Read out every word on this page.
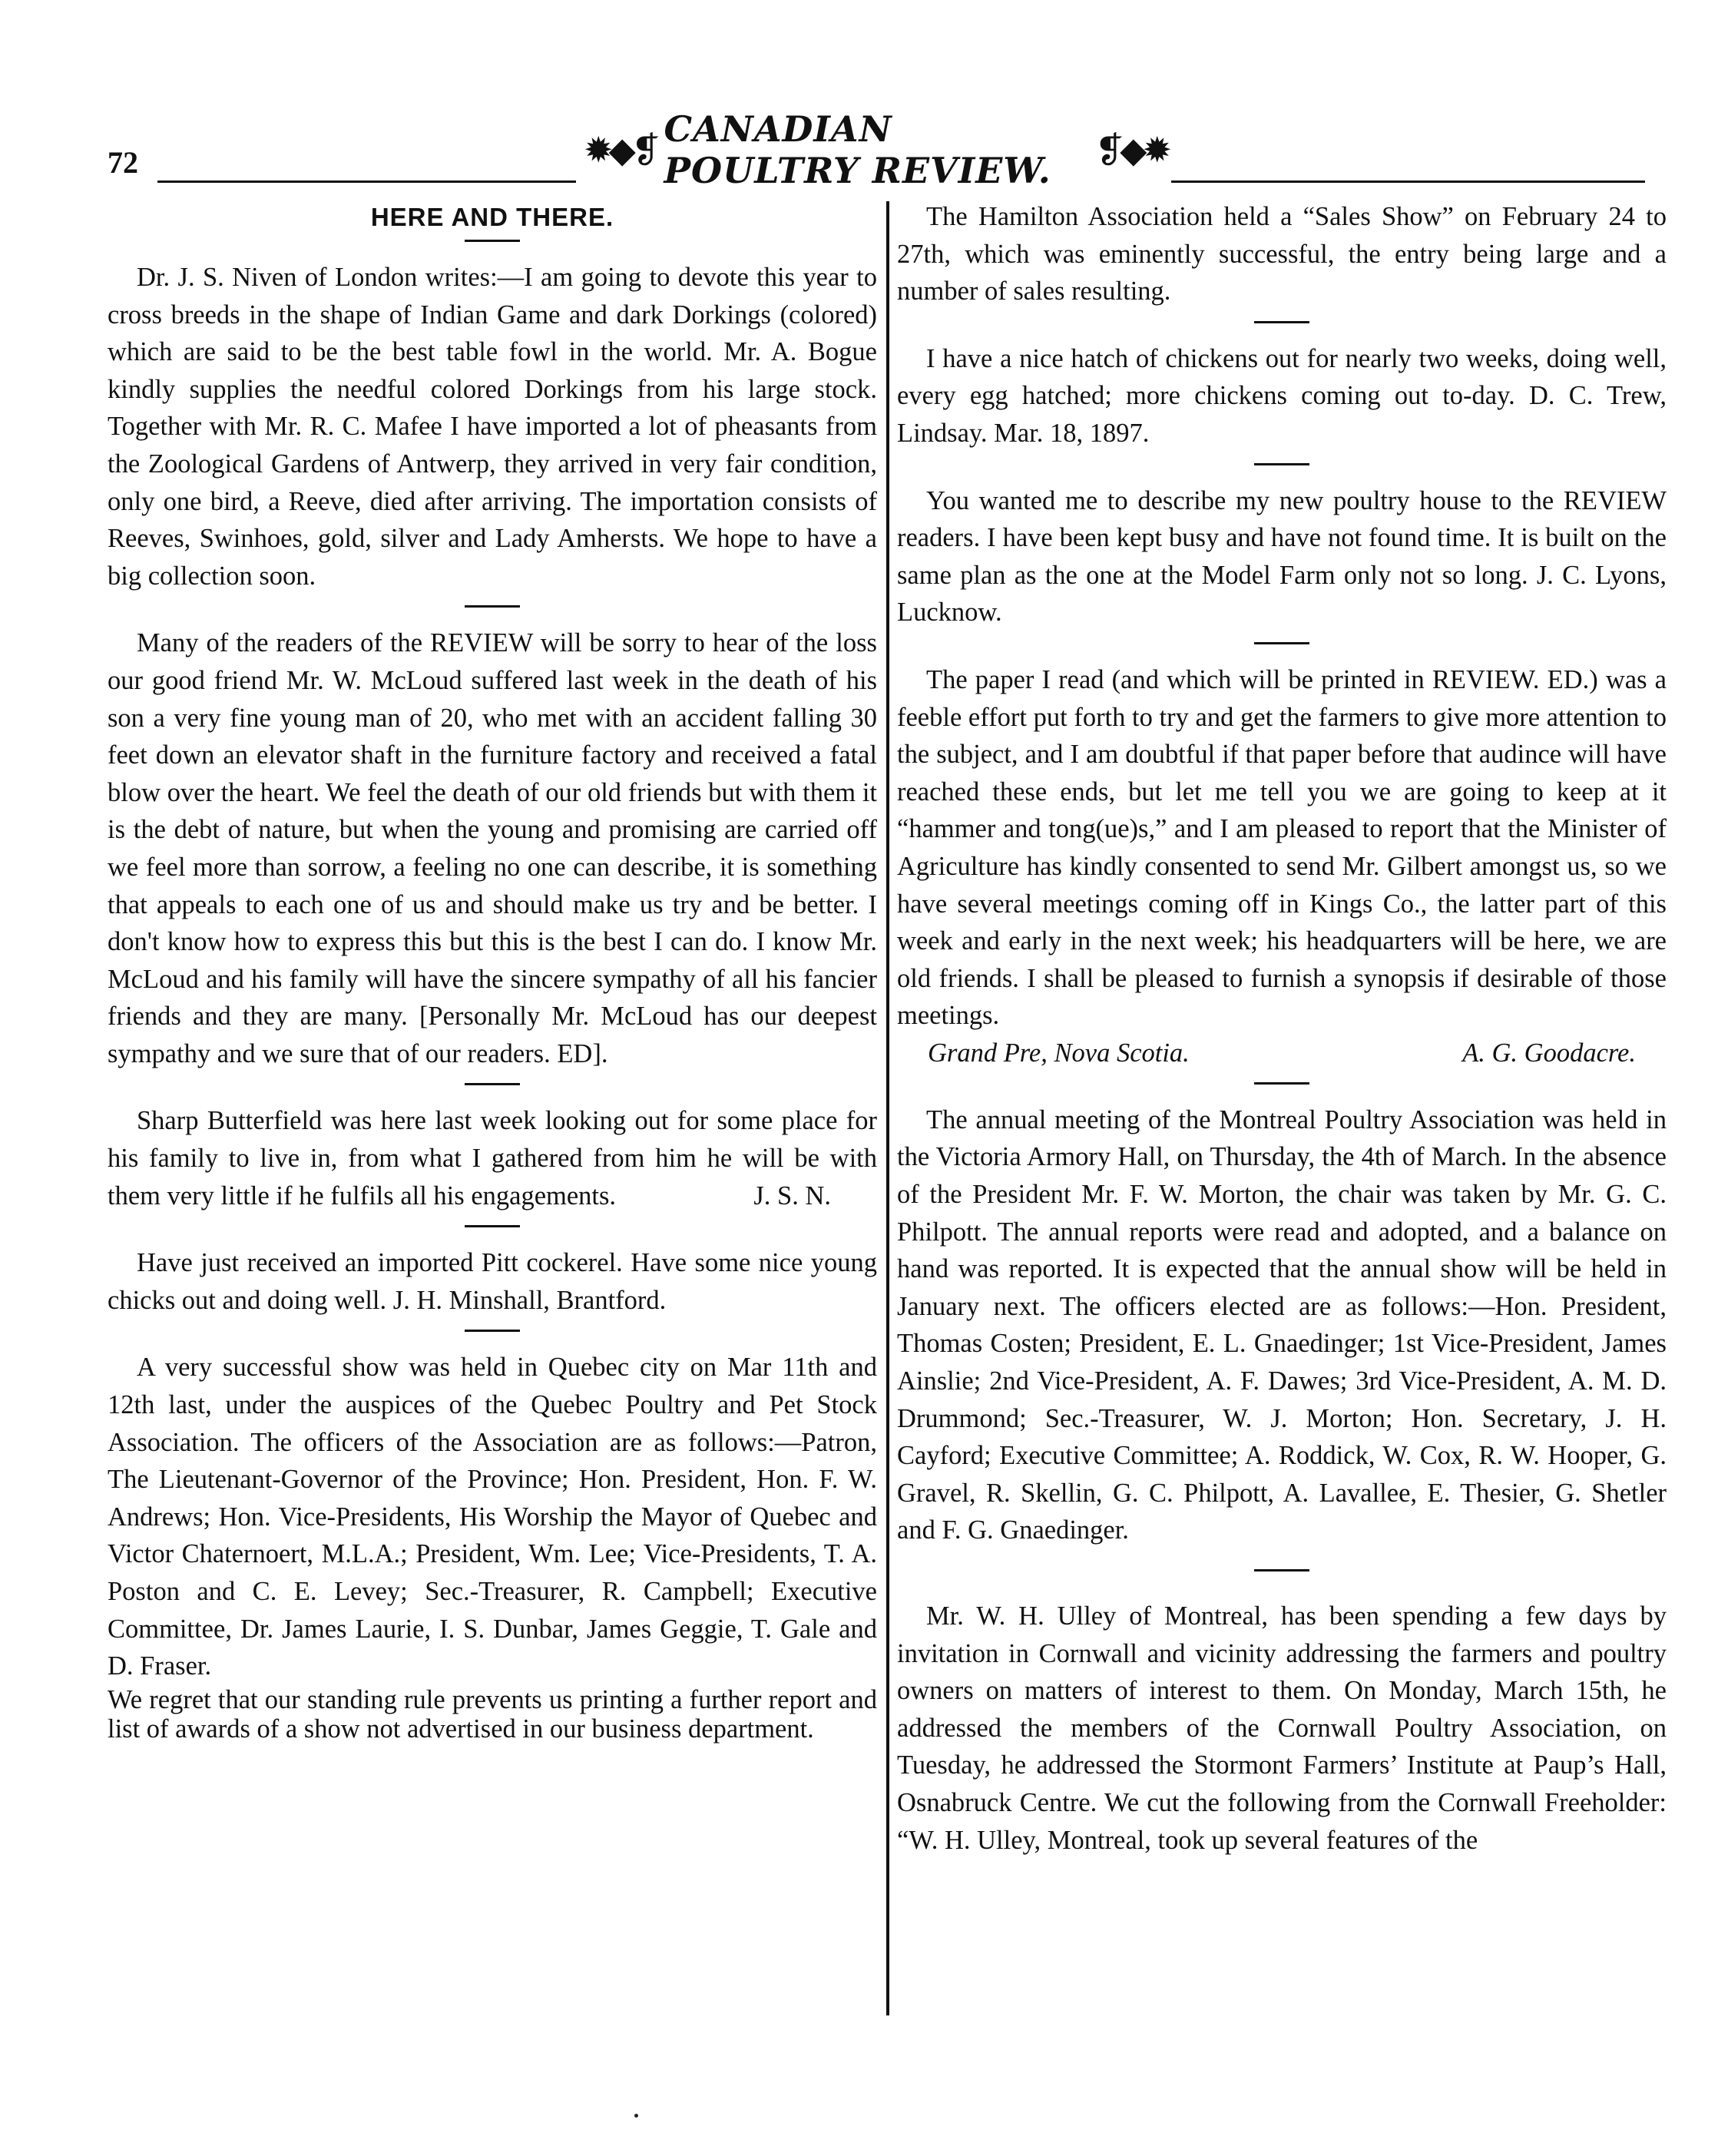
72	✹◆❡
CANADIAN POULTRY REVIEW.	❡◆✹
HERE AND THERE.

Dr. J. S. Niven of London writes:—I am going to devote this year to cross breeds in the shape of Indian Game and dark Dorkings (colored) which are said to be the best table fowl in the world. Mr. A. Bogue kindly supplies the needful colored Dorkings from his large stock. Together with Mr. R. C. Mafee I have imported a lot of pheasants from the Zoological Gardens of Antwerp, they arrived in very fair condition, only one bird, a Reeve, died after arriving. The importation consists of Reeves, Swinhoes, gold, silver and Lady Amhersts. We hope to have a big collection soon.

Many of the readers of the REVIEW will be sorry to hear of the loss our good friend Mr. W. McLoud suffered last week in the death of his son a very fine young man of 20, who met with an accident falling 30 feet down an elevator shaft in the furniture factory and received a fatal blow over the heart. We feel the death of our old friends but with them it is the debt of nature, but when the young and promising are carried off we feel more than sorrow, a feeling no one can describe, it is something that appeals to each one of us and should make us try and be better. I don't know how to express this but this is the best I can do. I know Mr. McLoud and his family will have the sincere sympathy of all his fancier friends and they are many. [Personally Mr. McLoud has our deepest sympathy and we sure that of our readers. ED].

Sharp Butterfield was here last week looking out for some place for his family to live in, from what I gathered from him he will be with them very little if he fulfils all his engagements.	J. S. N.

Have just received an imported Pitt cockerel. Have some nice young chicks out and doing well. J. H. Minshall, Brantford.

A very successful show was held in Quebec city on Mar 11th and 12th last, under the auspices of the Quebec Poultry and Pet Stock Association. The officers of the Association are as follows:—Patron, The Lieutenant-Governor of the Province; Hon. President, Hon. F. W. Andrews; Hon. Vice-Presidents, His Worship the Mayor of Quebec and Victor Chaternoert, M.L.A.; President, Wm. Lee; Vice-Presidents, T. A. Poston and C. E. Levey; Sec.-Treasurer, R. Campbell; Executive Committee, Dr. James Laurie, I. S. Dunbar, James Geggie, T. Gale and D. Fraser.

We regret that our standing rule prevents us printing a further report and list of awards of a show not advertised in our business department.

The Hamilton Association held a “Sales Show” on February 24 to 27th, which was eminently successful, the entry being large and a number of sales resulting.

I have a nice hatch of chickens out for nearly two weeks, doing well, every egg hatched; more chickens coming out to-day. D. C. Trew, Lindsay. Mar. 18, 1897.

You wanted me to describe my new poultry house to the REVIEW readers. I have been kept busy and have not found time. It is built on the same plan as the one at the Model Farm only not so long. J. C. Lyons, Lucknow.

The paper I read (and which will be printed in REVIEW. ED.) was a feeble effort put forth to try and get the farmers to give more attention to the subject, and I am doubtful if that paper before that audince will have reached these ends, but let me tell you we are going to keep at it “hammer and tong(ue)s,” and I am pleased to report that the Minister of Agriculture has kindly consented to send Mr. Gilbert amongst us, so we have several meetings coming off in Kings Co., the latter part of this week and early in the next week; his headquarters will be here, we are old friends. I shall be pleased to furnish a synopsis if desirable of those meetings.

Grand Pre, Nova Scotia.	A. G. Goodacre.

The annual meeting of the Montreal Poultry Association was held in the Victoria Armory Hall, on Thursday, the 4th of March. In the absence of the President Mr. F. W. Morton, the chair was taken by Mr. G. C. Philpott. The annual reports were read and adopted, and a balance on hand was reported. It is expected that the annual show will be held in January next. The officers elected are as follows:—Hon. President, Thomas Costen; President, E. L. Gnaedinger; 1st Vice-President, James Ainslie; 2nd Vice-President, A. F. Dawes; 3rd Vice-President, A. M. D. Drummond; Sec.-Treasurer, W. J. Morton; Hon. Secretary, J. H. Cayford; Executive Committee; A. Roddick, W. Cox, R. W. Hooper, G. Gravel, R. Skellin, G. C. Philpott, A. Lavallee, E. Thesier, G. Shetler and F. G. Gnaedinger.

Mr. W. H. Ulley of Montreal, has been spending a few days by invitation in Cornwall and vicinity addressing the farmers and poultry owners on matters of interest to them. On Monday, March 15th, he addressed the members of the Cornwall Poultry Association, on Tuesday, he addressed the Stormont Farmers’ Institute at Paup’s Hall, Osnabruck Centre. We cut the following from the Cornwall Freeholder: “W. H. Ulley, Montreal, took up several features of the
